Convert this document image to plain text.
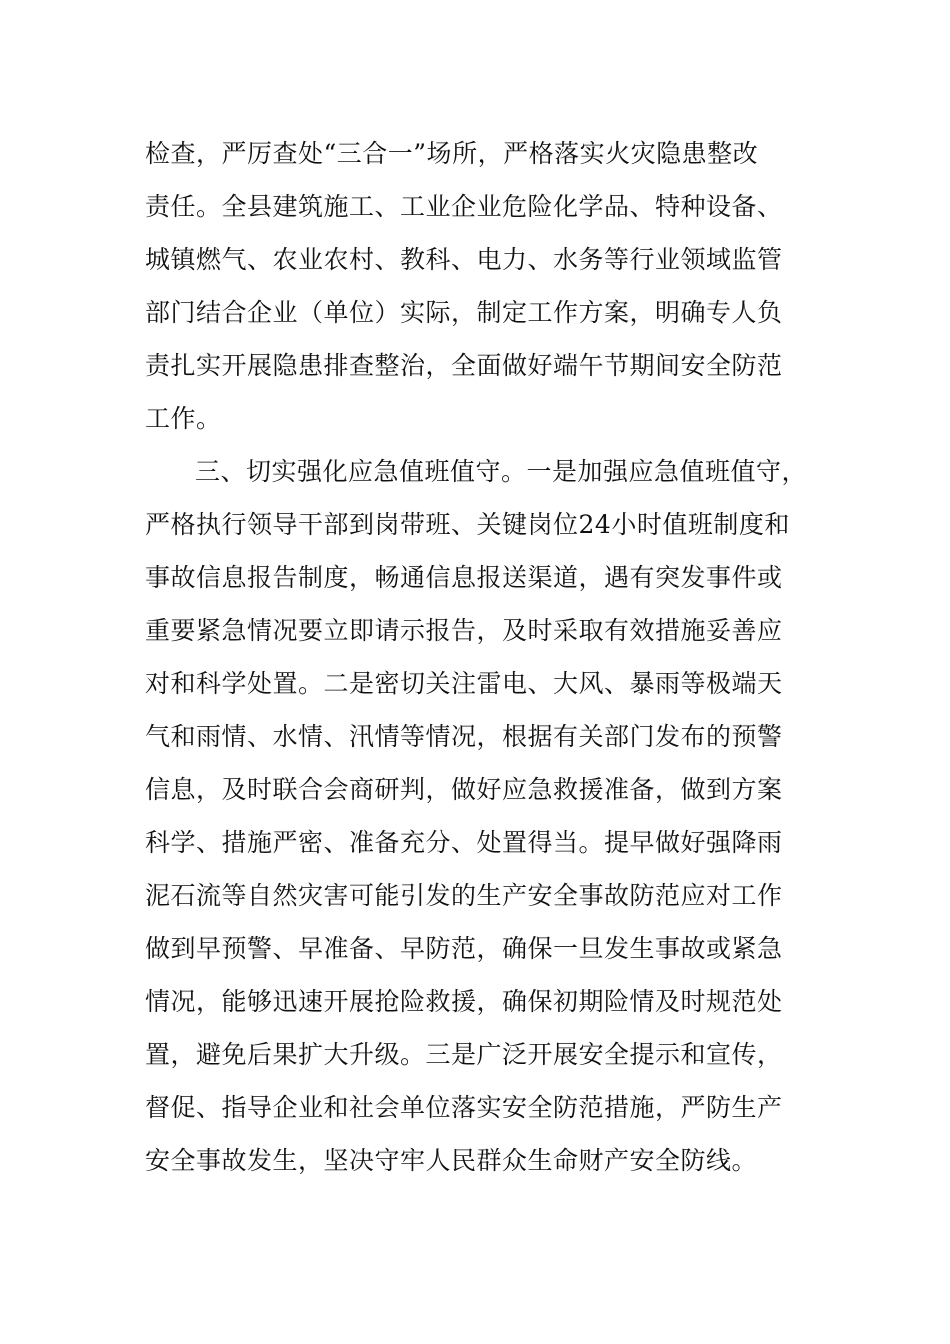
检查，严厉查处“三合一”场所，严格落实火灾隐患整改
责任。全县建筑施工、工业企业危险化学品、特种设备、
城镇燃气、农业农村、教科、电力、水务等行业领域监管
部门结合企业（单位）实际，制定工作方案，明确专人负
责扎实开展隐患排查整治，全面做好端午节期间安全防范
工作。
三、切实强化应急值班值守。一是加强应急值班值守，
严格执行领导干部到岗带班、关键岗位24小时值班制度和
事故信息报告制度，畅通信息报送渠道，遇有突发事件或
重要紧急情况要立即请示报告，及时采取有效措施妥善应
对和科学处置。二是密切关注雷电、大风、暴雨等极端天
气和雨情、水情、汛情等情况，根据有关部门发布的预警
信息，及时联合会商研判，做好应急救援准备，做到方案
科学、措施严密、准备充分、处置得当。提早做好强降雨
泥石流等自然灾害可能引发的生产安全事故防范应对工作
做到早预警、早准备、早防范，确保一旦发生事故或紧急
情况，能够迅速开展抢险救援，确保初期险情及时规范处
置，避免后果扩大升级。三是广泛开展安全提示和宣传，
督促、指导企业和社会单位落实安全防范措施，严防生产
安全事故发生，坚决守牢人民群众生命财产安全防线。
